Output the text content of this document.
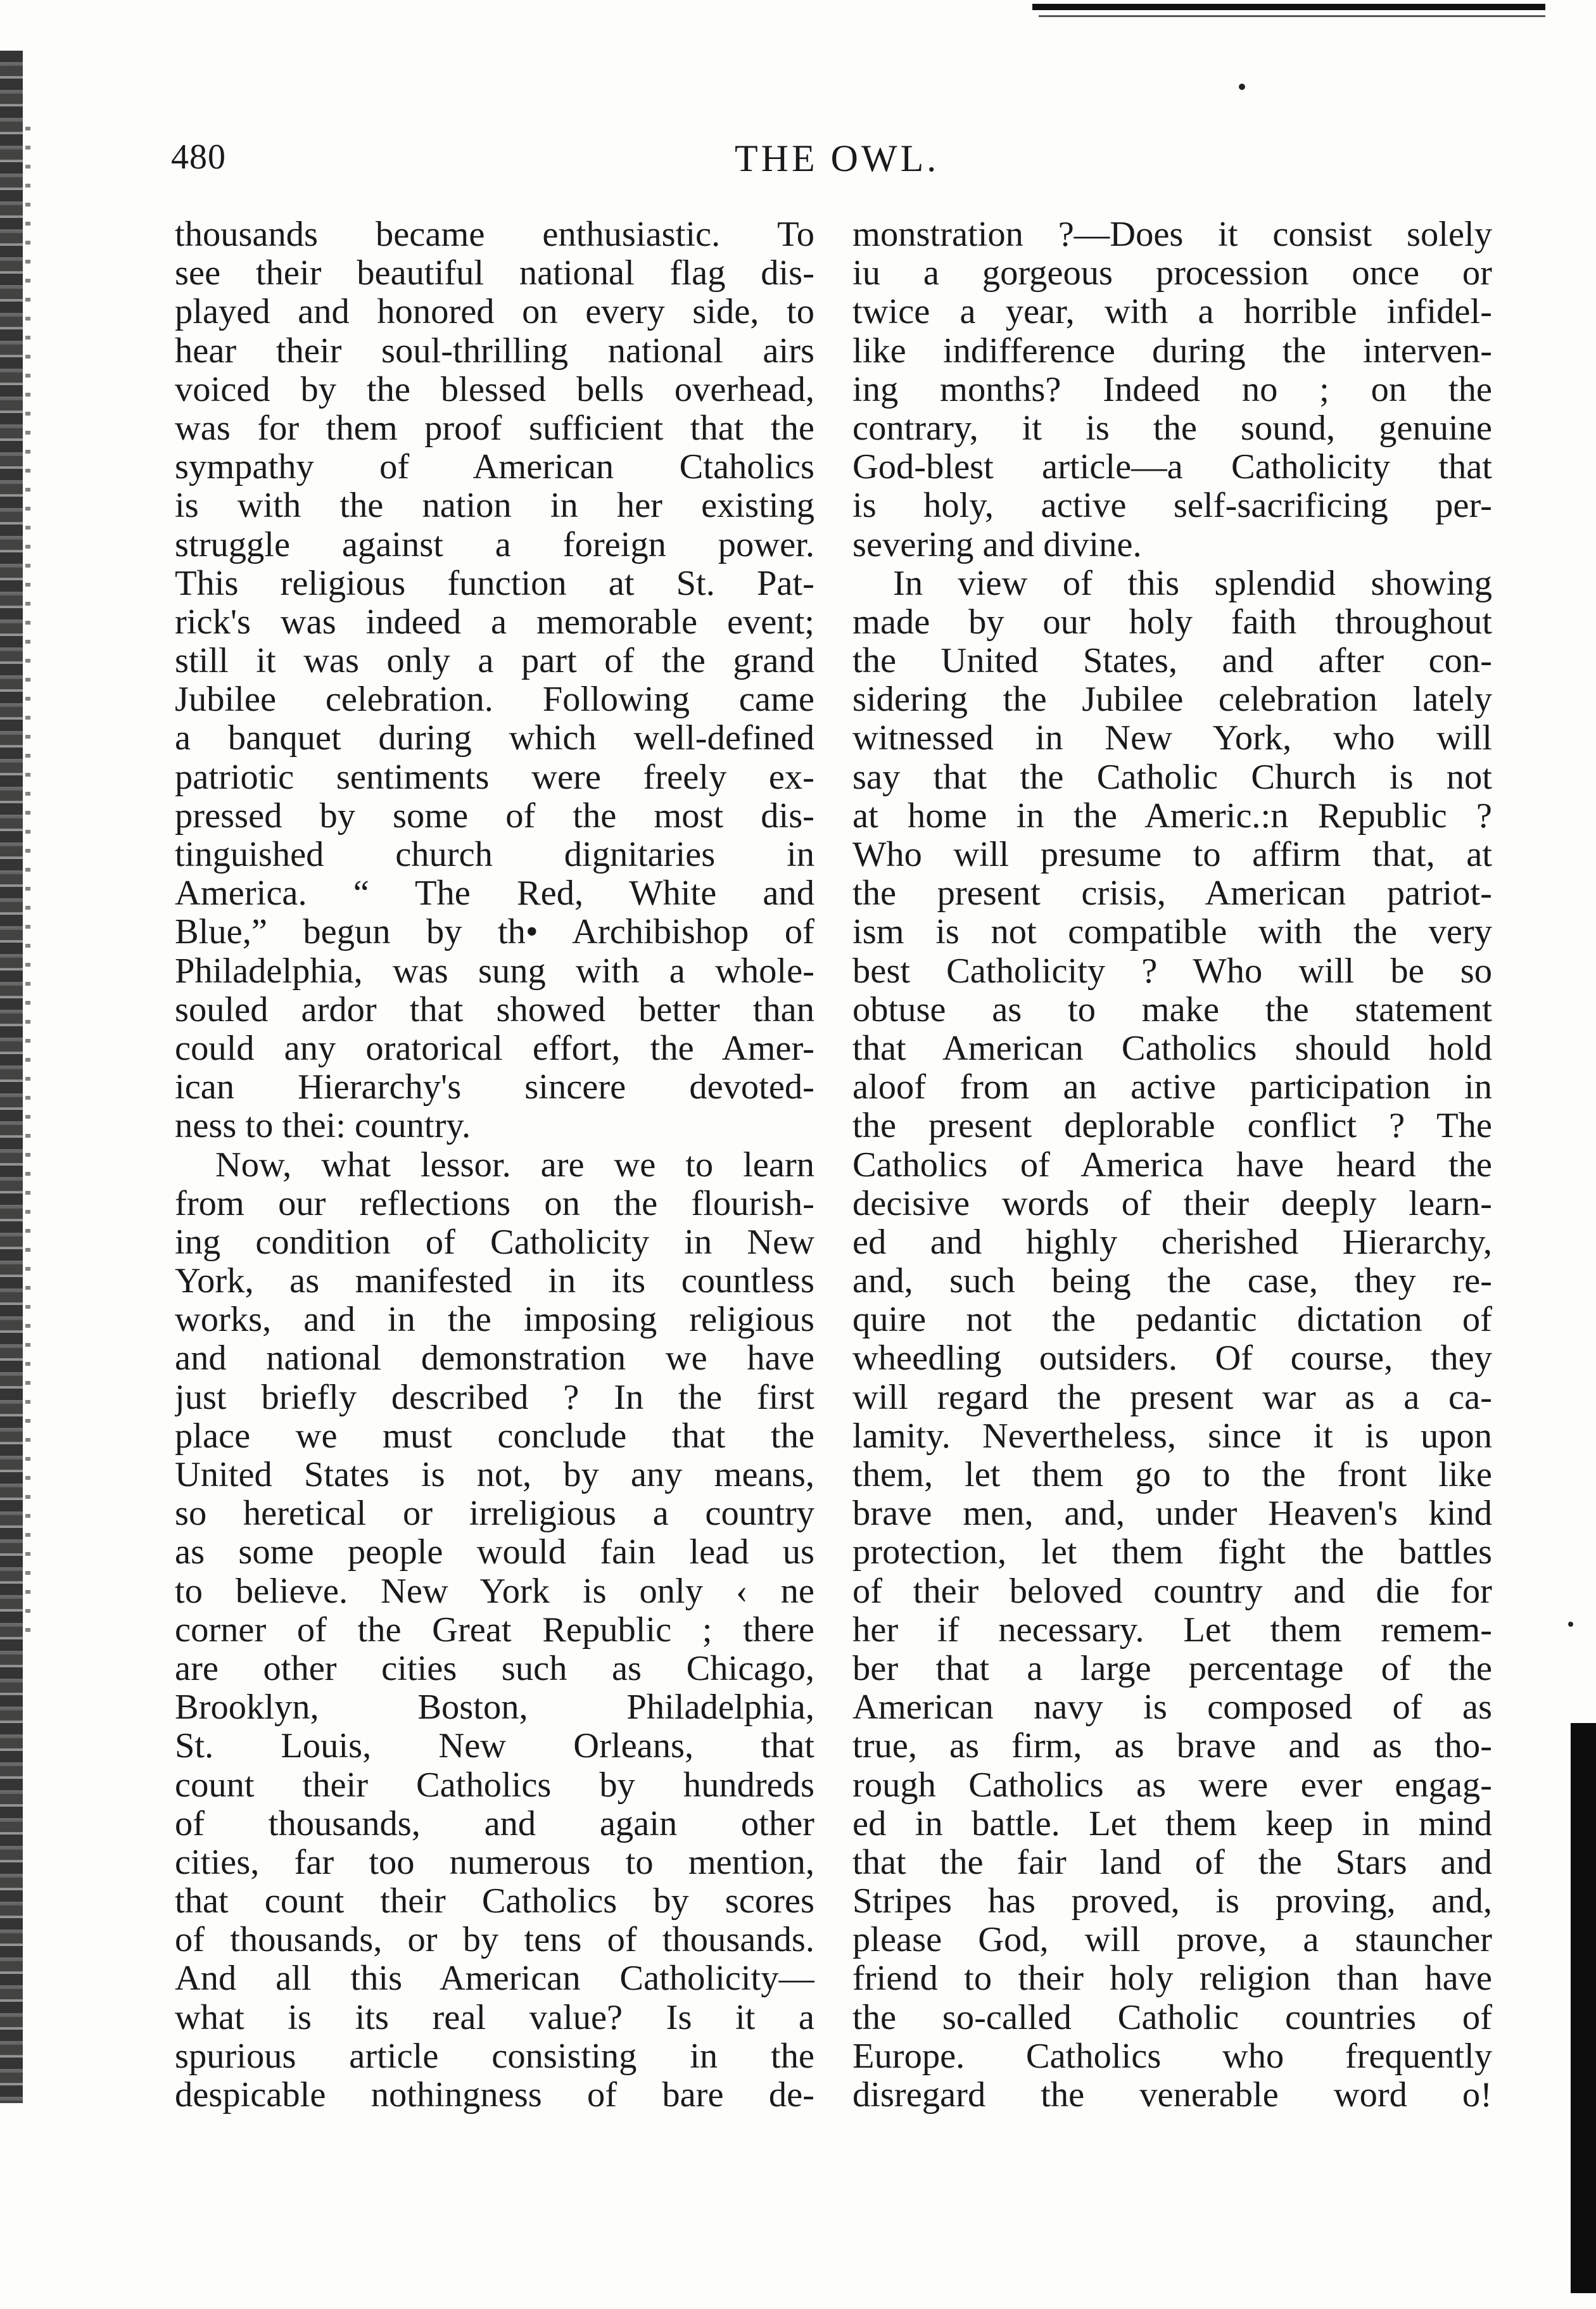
480	THE OWL.
thousands became enthusiastic. To
see their beautiful national flag dis-
played and honored on every side, to
hear their soul-thrilling national airs
voiced by the blessed bells overhead,
was for them proof sufficient that the
sympathy of American Ctaholics
is with the nation in her existing
struggle against a foreign power.
This religious function at St. Pat-
rick's was indeed a memorable event;
still it was only a part of the grand
Jubilee celebration. Following came
a banquet during which well-defined
patriotic sentiments were freely ex-
pressed by some of the most dis-
tinguished church dignitaries in
America. “ The Red, White and
Blue,” begun by th• Archibishop of
Philadelphia, was sung with a whole-
souled ardor that showed better than
could any oratorical effort, the Amer-
ican Hierarchy's sincere devoted-
ness to thei: country.
Now, what lessor. are we to learn
from our reflections on the flourish-
ing condition of Catholicity in New
York, as manifested in its countless
works, and in the imposing religious
and national demonstration we have
just briefly described ? In the first
place we must conclude that the
United States is not, by any means,
so heretical or irreligious a country
as some people would fain lead us
to believe. New York is only ‹ ne
corner of the Great Republic ; there
are other cities such as Chicago,
Brooklyn, Boston, Philadelphia,
St. Louis, New Orleans, that
count their Catholics by hundreds
of thousands, and again other
cities, far too numerous to mention,
that count their Catholics by scores
of thousands, or by tens of thousands.
And all this American Catholicity—
what is its real value? Is it a
spurious article consisting in the
despicable nothingness of bare de-
monstration ?—Does it consist solely
iu a gorgeous procession once or
twice a year, with a horrible infidel-
like indifference during the interven-
ing months? Indeed no ; on the
contrary, it is the sound, genuine
God-blest article—a Catholicity that
is holy, active self-sacrificing per-
severing and divine.
In view of this splendid showing
made by our holy faith throughout
the United States, and after con-
sidering the Jubilee celebration lately
witnessed in New York, who will
say that the Catholic Church is not
at home in the Americ.:n Republic ?
Who will presume to affirm that, at
the present crisis, American patriot-
ism is not compatible with the very
best Catholicity ? Who will be so
obtuse as to make the statement
that American Catholics should hold
aloof from an active participation in
the present deplorable conflict ? The
Catholics of America have heard the
decisive words of their deeply learn-
ed and highly cherished Hierarchy,
and, such being the case, they re-
quire not the pedantic dictation of
wheedling outsiders. Of course, they
will regard the present war as a ca-
lamity. Nevertheless, since it is upon
them, let them go to the front like
brave men, and, under Heaven's kind
protection, let them fight the battles
of their beloved country and die for
her if necessary. Let them remem-
ber that a large percentage of the
American navy is composed of as
true, as firm, as brave and as tho-
rough Catholics as were ever engag-
ed in battle. Let them keep in mind
that the fair land of the Stars and
Stripes has proved, is proving, and,
please God, will prove, a stauncher
friend to their holy religion than have
the so-called Catholic countries of
Europe. Catholics who frequently
disregard the venerable word o!
